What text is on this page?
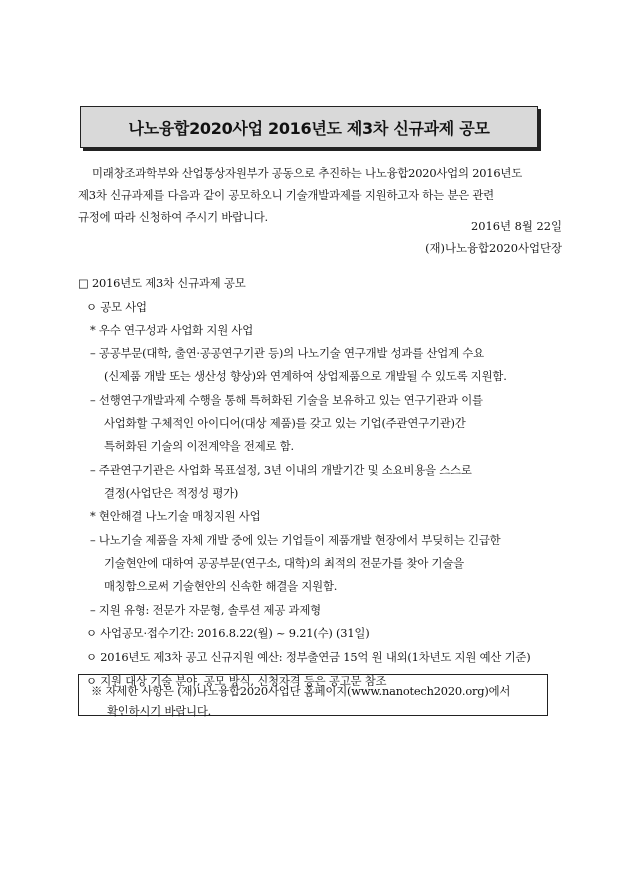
나노융합2020사업 2016년도 제3차 신규과제 공모
미래창조과학부와 산업통상자원부가 공동으로 추진하는 나노융합2020사업의 2016년도
제3차 신규과제를 다음과 같이 공모하오니 기술개발과제를 지원하고자 하는 분은 관련
규정에 따라 신청하여 주시기 바랍니다.
2016년 8월 22일
(재)나노융합2020사업단장
□ 2016년도 제3차 신규과제 공모
ㅇ 공모 사업
* 우수 연구성과 사업화 지원 사업
– 공공부문(대학, 출연·공공연구기관 등)의 나노기술 연구개발 성과를 산업계 수요
(신제품 개발 또는 생산성 향상)와 연계하여 상업제품으로 개발될 수 있도록 지원함.
– 선행연구개발과제 수행을 통해 특허화된 기술을 보유하고 있는 연구기관과 이를
사업화할 구체적인 아이디어(대상 제품)를 갖고 있는 기업(주관연구기관)간
특허화된 기술의 이전계약을 전제로 함.
– 주관연구기관은 사업화 목표설정, 3년 이내의 개발기간 및 소요비용을 스스로
결정(사업단은 적정성 평가)
* 현안해결 나노기술 매칭지원 사업
– 나노기술 제품을 자체 개발 중에 있는 기업들이 제품개발 현장에서 부딪히는 긴급한
기술현안에 대하여 공공부문(연구소, 대학)의 최적의 전문가를 찾아 기술을
매칭함으로써 기술현안의 신속한 해결을 지원함.
– 지원 유형: 전문가 자문형, 솔루션 제공 과제형
ㅇ 사업공모·접수기간: 2016.8.22(월) ~ 9.21(수) (31일)
ㅇ 2016년도 제3차 공고 신규지원 예산: 정부출연금 15억 원 내외(1차년도 지원 예산 기준)
ㅇ 지원 대상 기술 분야, 공모 방식, 신청자격 등은 공고문 참조
※ 자세한 사항은 (재)나노융합2020사업단 홈페이지(www.nanotech2020.org)에서
확인하시기 바랍니다.
